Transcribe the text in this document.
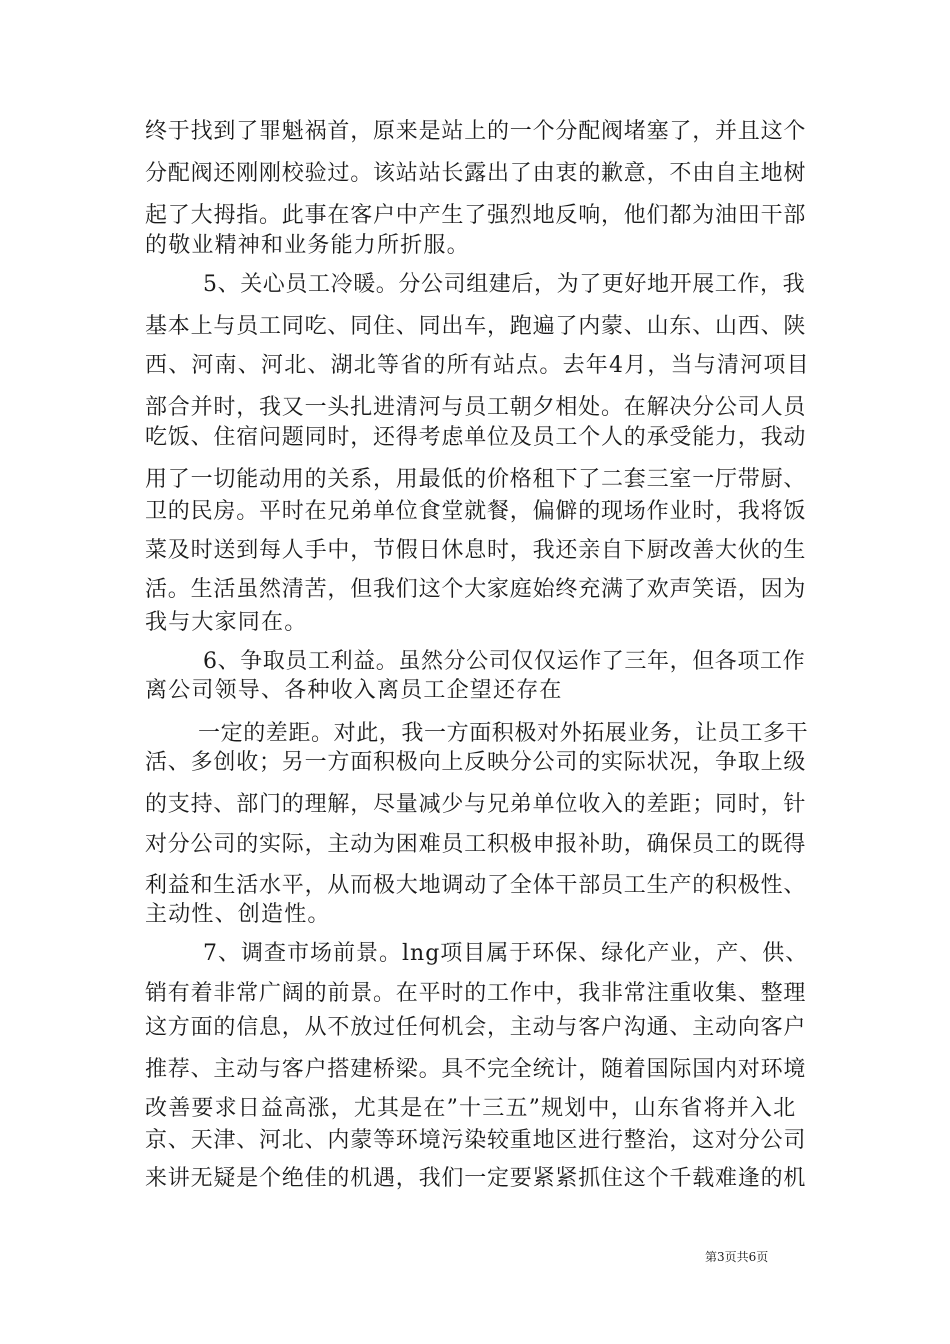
终于找到了罪魁祸首，原来是站上的一个分配阀堵塞了，并且这个
分配阀还刚刚校验过。该站站长露出了由衷的歉意，不由自主地树
起了大拇指。此事在客户中产生了强烈地反响，他们都为油田干部
的敬业精神和业务能力所折服。
5、关心员工冷暖。分公司组建后，为了更好地开展工作，我
基本上与员工同吃、同住、同出车，跑遍了内蒙、山东、山西、陕
西、河南、河北、湖北等省的所有站点。去年4月，当与清河项目
部合并时，我又一头扎进清河与员工朝夕相处。在解决分公司人员
吃饭、住宿问题同时，还得考虑单位及员工个人的承受能力，我动
用了一切能动用的关系，用最低的价格租下了二套三室一厅带厨、
卫的民房。平时在兄弟单位食堂就餐，偏僻的现场作业时，我将饭
菜及时送到每人手中，节假日休息时，我还亲自下厨改善大伙的生
活。生活虽然清苦，但我们这个大家庭始终充满了欢声笑语，因为
我与大家同在。
6、争取员工利益。虽然分公司仅仅运作了三年，但各项工作
离公司领导、各种收入离员工企望还存在
一定的差距。对此，我一方面积极对外拓展业务，让员工多干
活、多创收；另一方面积极向上反映分公司的实际状况，争取上级
的支持、部门的理解，尽量减少与兄弟单位收入的差距；同时，针
对分公司的实际，主动为困难员工积极申报补助，确保员工的既得
利益和生活水平，从而极大地调动了全体干部员工生产的积极性、
主动性、创造性。
7、调查市场前景。lng项目属于环保、绿化产业，产、供、
销有着非常广阔的前景。在平时的工作中，我非常注重收集、整理
这方面的信息，从不放过任何机会，主动与客户沟通、主动向客户
推荐、主动与客户搭建桥梁。具不完全统计，随着国际国内对环境
改善要求日益高涨，尤其是在”十三五”规划中，山东省将并入北
京、天津、河北、内蒙等环境污染较重地区进行整治，这对分公司
来讲无疑是个绝佳的机遇，我们一定要紧紧抓住这个千载难逢的机
第3页共6页
